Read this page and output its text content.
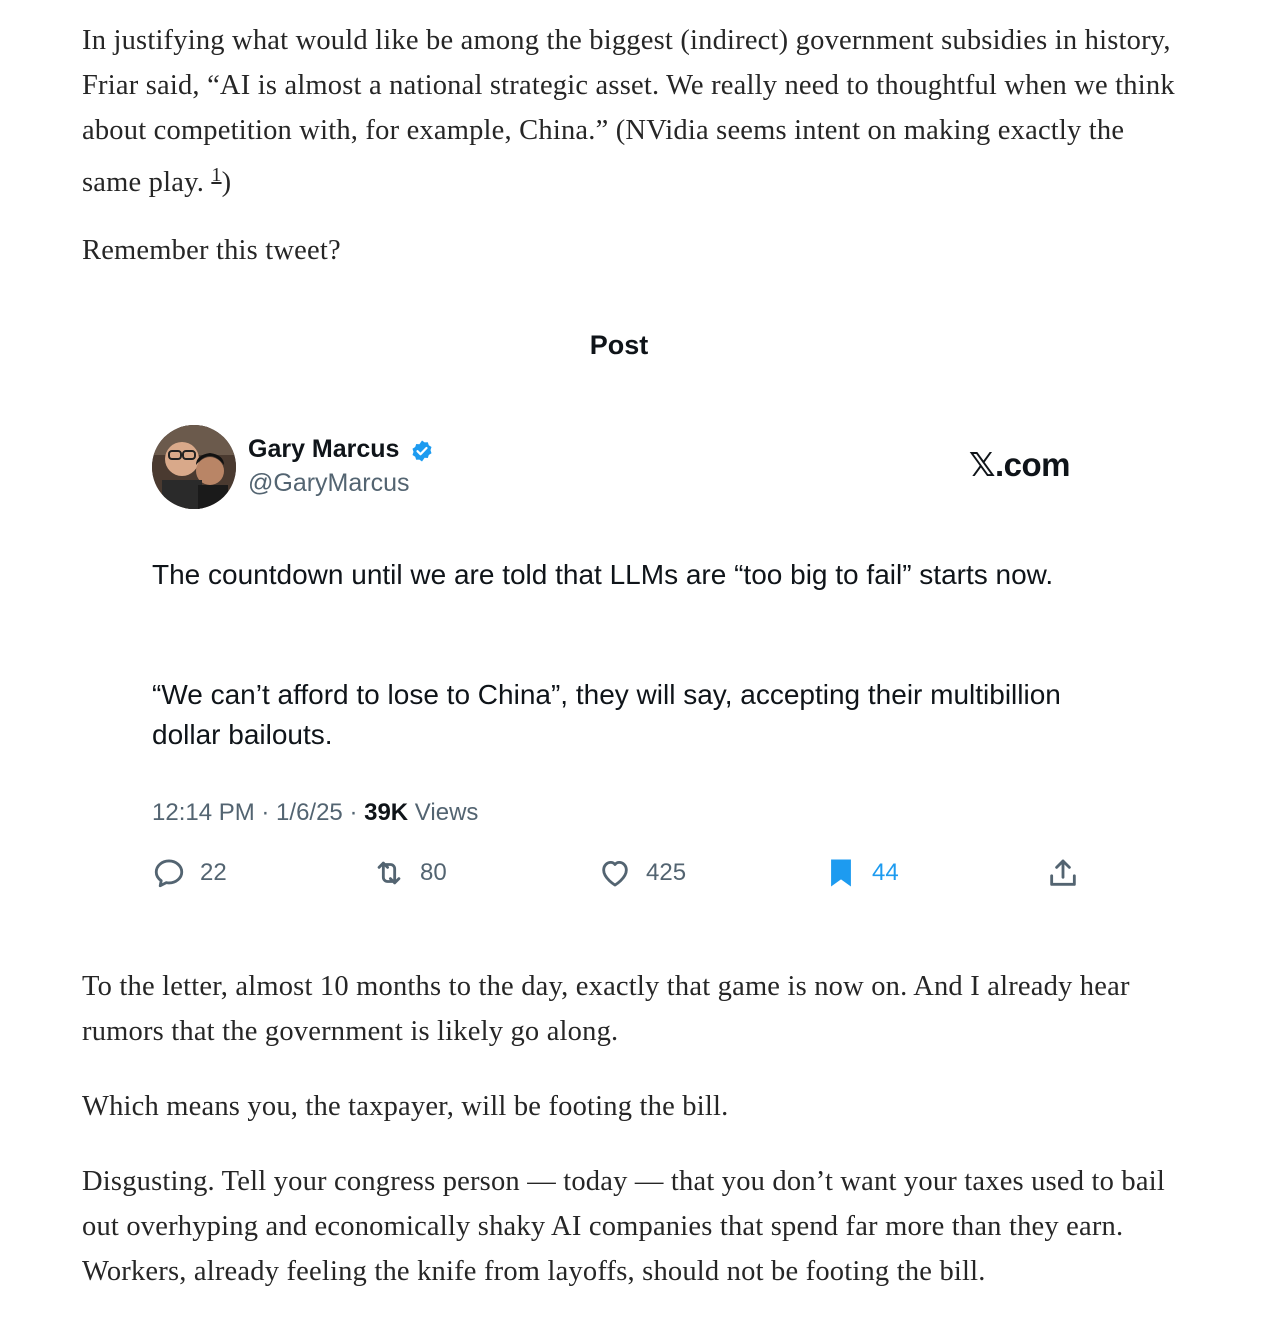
In justifying what would like be among the biggest (indirect) government subsidies in history, Friar said, “AI is almost a national strategic asset. We really need to thoughtful when we think about competition with, for example, China.” (NVidia seems intent on making exactly the same play. $^1$)

Remember this tweet?

Post
Gary Marcus
@GaryMarcus	𝕏.com

The countdown until we are told that LLMs are “too big to fail” starts now.

“We can’t afford to lose to China”, they will say, accepting their multibillion dollar bailouts.

12:14 PM · 1/6/25 · 39K Views
22	80	425	44

To the letter, almost 10 months to the day, exactly that game is now on. And I already hear rumors that the government is likely go along.

Which means you, the taxpayer, will be footing the bill.

Disgusting. Tell your congress person — today — that you don’t want your taxes used to bail out overhyping and economically shaky AI companies that spend far more than they earn. Workers, already feeling the knife from layoffs, should not be footing the bill.
